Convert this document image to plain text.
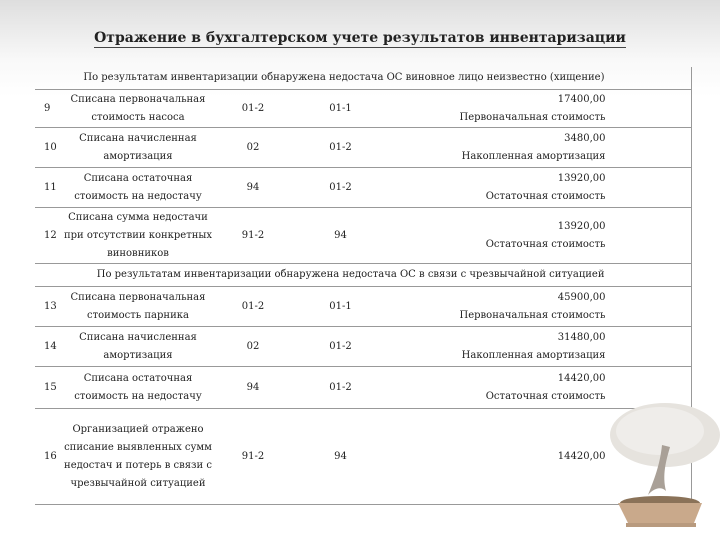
Отражение в бухгалтерском учете результатов инвентаризации
По результатам инвентаризации обнаружена недостача ОС виновное лицо неизвестно (хищение)				
9	Списана первоначальная стоимость насоса	01-2	01-1	17400,00
Первоначальная стоимость

10	Списана начисленная амортизация	02	01-2	3480,00
Накопленная амортизация

11	Списана остаточная стоимость на недостачу	94	01-2	13920,00
Остаточная стоимость

12	Списана сумма недостачи при отсутствии конкретных виновников	91-2	94	13920,00
Остаточная стоимость

По результатам инвентаризации обнаружена недостача ОС в связи с чрезвычайной ситуацией				
13	Списана первоначальная стоимость парника	01-2	01-1	45900,00
Первоначальная стоимость

14	Списана начисленная амортизация	02	01-2	31480,00
Накопленная амортизация

15	Списана остаточная стоимость на недостачу	94	01-2	14420,00
Остаточная стоимость

16	Организацией отражено списание выявленных сумм недостач и потерь в связи с чрезвычайной ситуацией	91-2	94	14420,00
